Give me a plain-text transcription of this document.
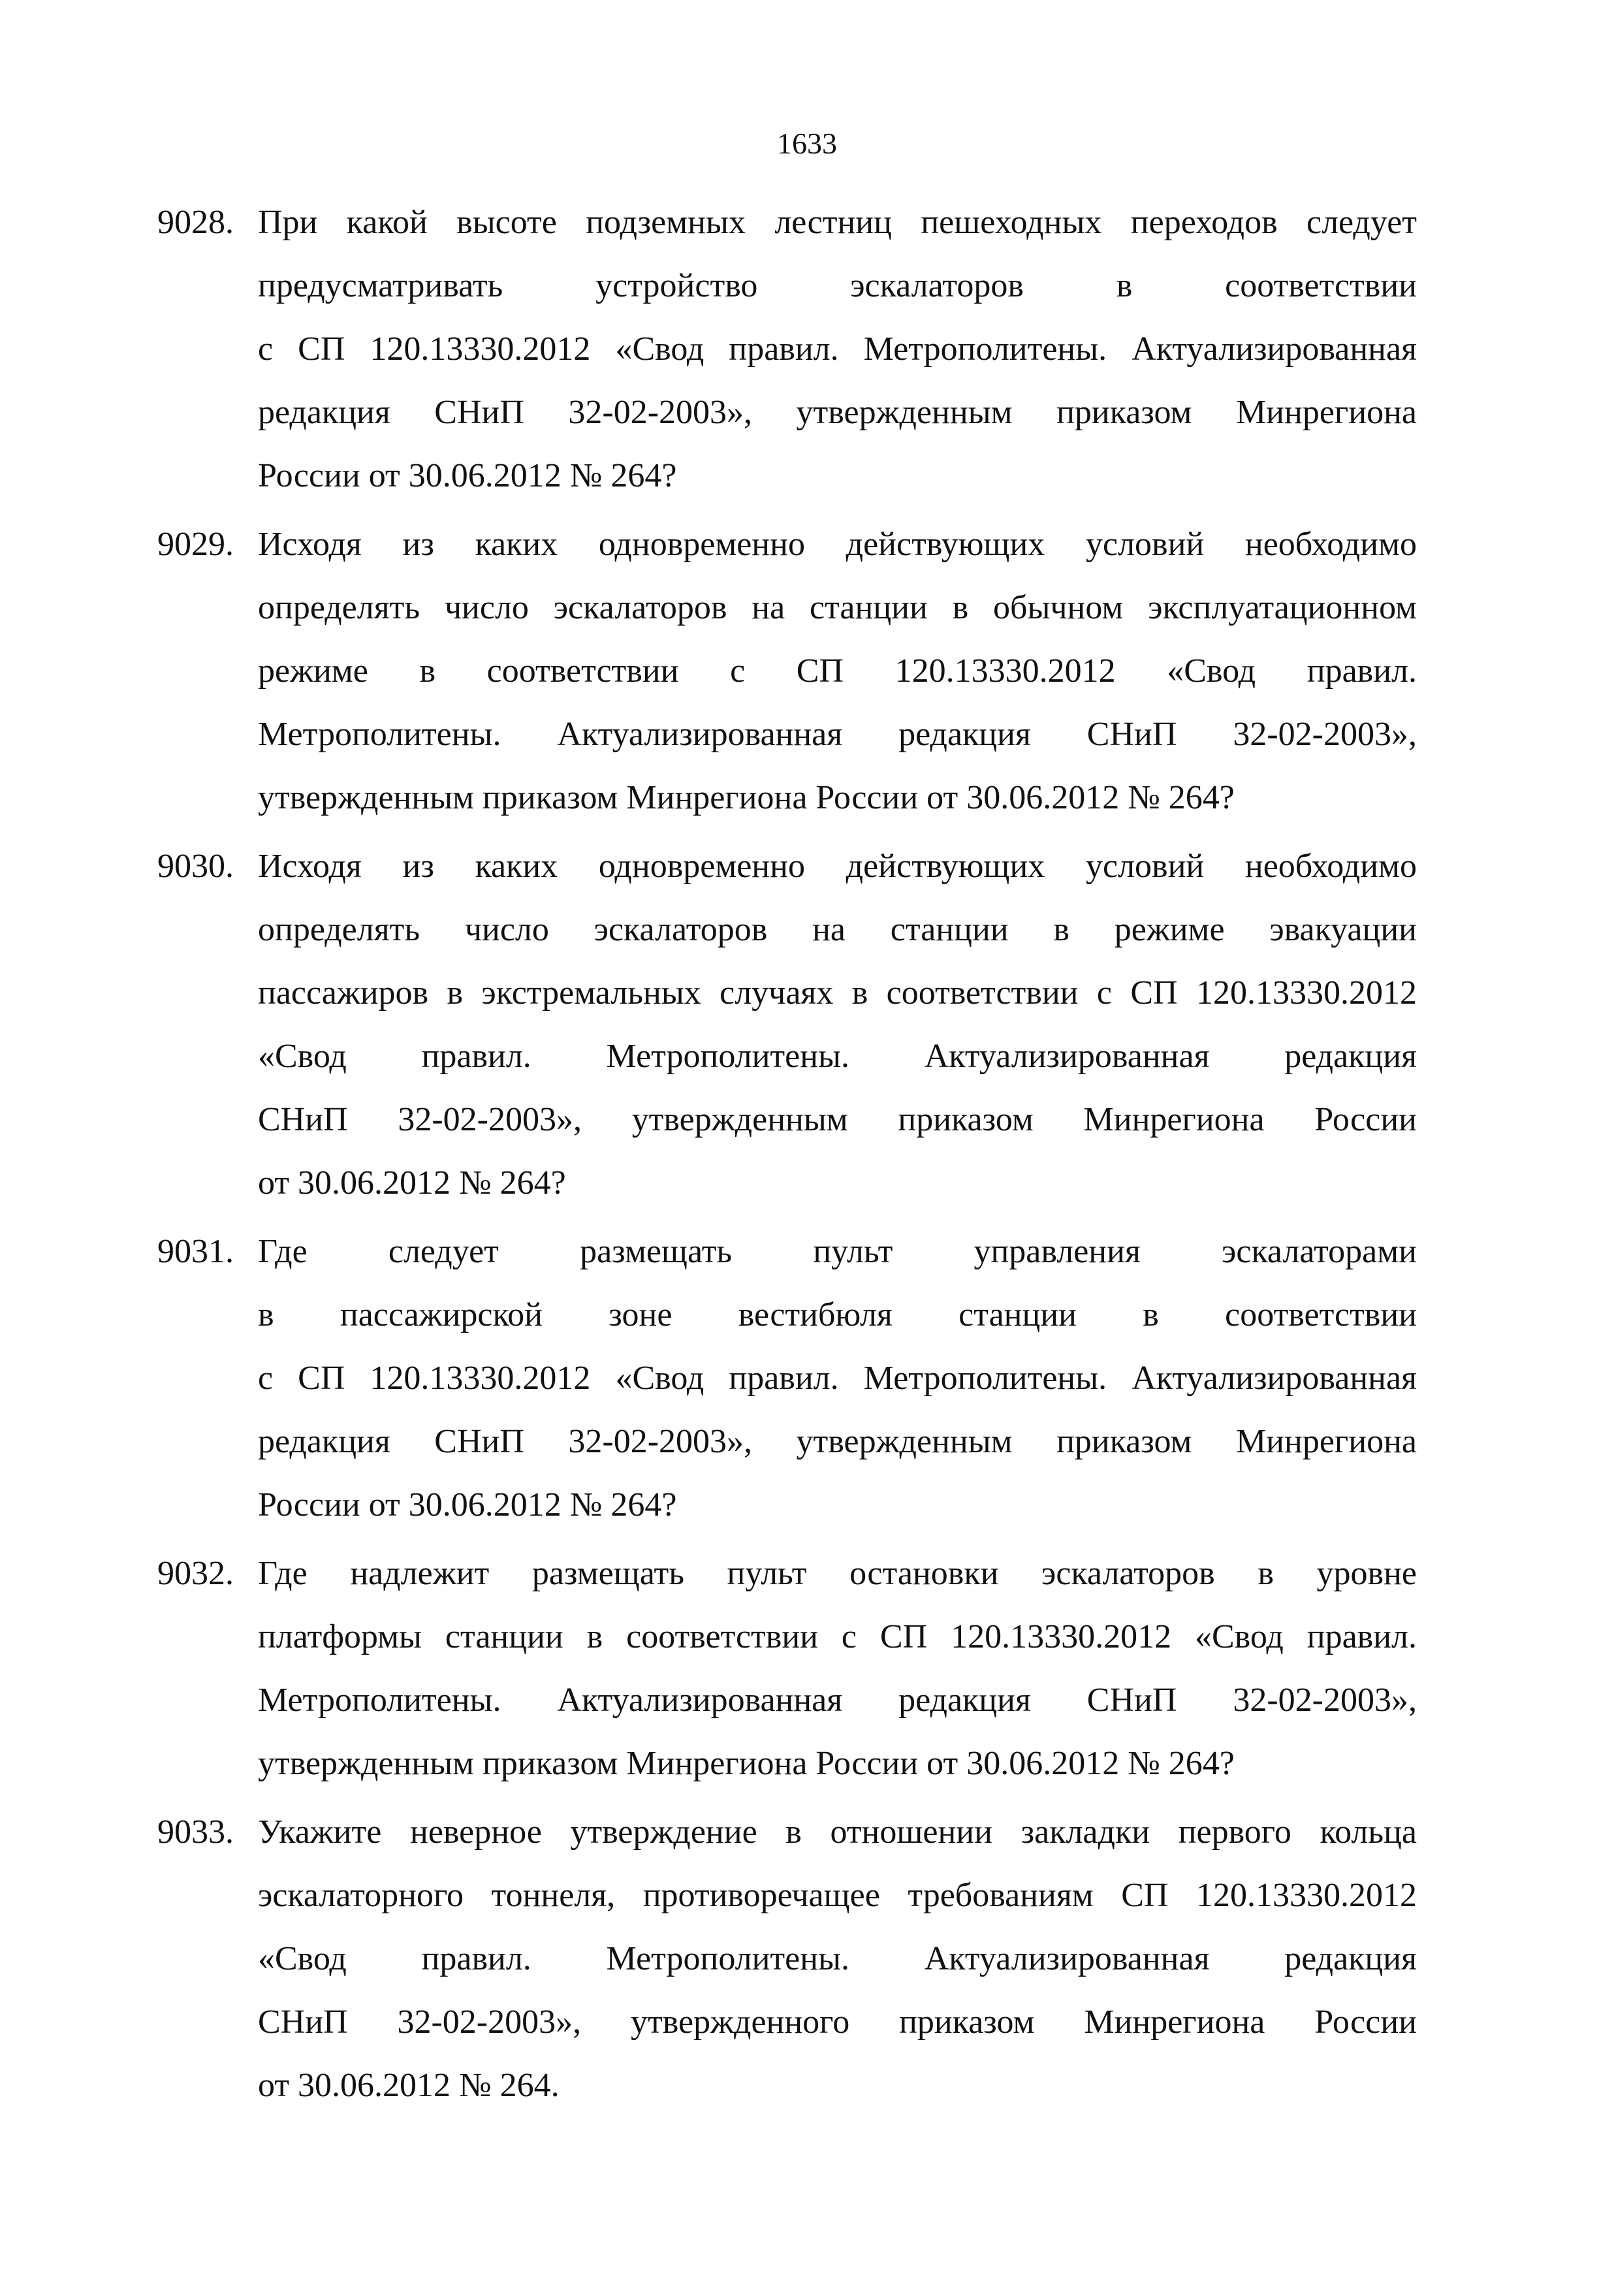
1633
9028. При какой высоте подземных лестниц пешеходных переходов следует
предусматривать устройство эскалаторов в соответствии
с СП 120.13330.2012 «Свод правил. Метрополитены. Актуализированная
редакция СНиП 32-02-2003», утвержденным приказом Минрегиона
России от 30.06.2012 № 264?
9029. Исходя из каких одновременно действующих условий необходимо
определять число эскалаторов на станции в обычном эксплуатационном
режиме в соответствии с СП 120.13330.2012 «Свод правил.
Метрополитены. Актуализированная редакция СНиП 32-02-2003»,
утвержденным приказом Минрегиона России от 30.06.2012 № 264?
9030. Исходя из каких одновременно действующих условий необходимо
определять число эскалаторов на станции в режиме эвакуации
пассажиров в экстремальных случаях в соответствии с СП 120.13330.2012
«Свод правил. Метрополитены. Актуализированная редакция
СНиП 32-02-2003», утвержденным приказом Минрегиона России
от 30.06.2012 № 264?
9031. Где следует размещать пульт управления эскалаторами
в пассажирской зоне вестибюля станции в соответствии
с СП 120.13330.2012 «Свод правил. Метрополитены. Актуализированная
редакция СНиП 32-02-2003», утвержденным приказом Минрегиона
России от 30.06.2012 № 264?
9032. Где надлежит размещать пульт остановки эскалаторов в уровне
платформы станции в соответствии с СП 120.13330.2012 «Свод правил.
Метрополитены. Актуализированная редакция СНиП 32-02-2003»,
утвержденным приказом Минрегиона России от 30.06.2012 № 264?
9033. Укажите неверное утверждение в отношении закладки первого кольца
эскалаторного тоннеля, противоречащее требованиям СП 120.13330.2012
«Свод правил. Метрополитены. Актуализированная редакция
СНиП 32-02-2003», утвержденного приказом Минрегиона России
от 30.06.2012 № 264.
